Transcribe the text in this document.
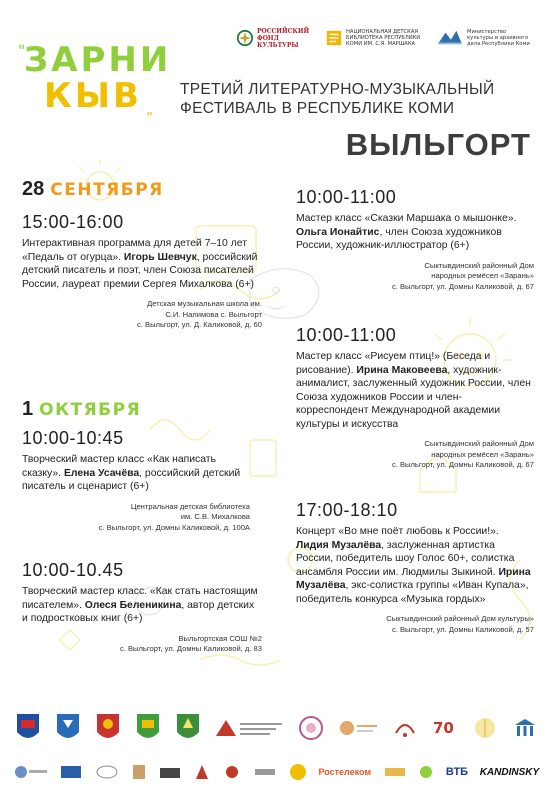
ЗАРНИ
КЫВ
"
„
РОССИЙСКИЙ ФОНД КУЛЬТУРЫ
НАЦИОНАЛЬНАЯ ДЕТСКАЯ БИБЛИОТЕКА РЕСПУБЛИКИ КОМИ ИМ. С.Я. МАРШАКА
Министерство культуры и архивного дела Республики Коми
ТРЕТИЙ ЛИТЕРАТУРНО-МУЗЫКАЛЬНЫЙ
ФЕСТИВАЛЬ В РЕСПУБЛИКЕ КОМИ
ВЫЛЬГОРТ
28 СЕНТЯБРЯ
15:00-16:00
Интерактивная программа для детей 7–10 лет «Педаль от огурца». Игорь Шевчук, российский детский писатель и поэт, член Союза писателей России, лауреат премии Сергея Михалкова (6+)
Детская музыкальная школа им.
С.И. Налимова с. Выльгорт
с. Выльгорт, ул. Д. Каликовой, д. 60
1 ОКТЯБРЯ
10:00-10:45
Творческий мастер класс «Как написать сказку». Елена Усачёва, российский детский писатель и сценарист (6+)
Центральная детская библиотека
им. С.В. Михалкова
с. Выльгорт, ул. Домны Каликовой, д. 100А
10:00-10.45
Творческий мастер класс. «Как стать настоящим писателем». Олеся Беленикина, автор детских и подростковых книг (6+)
Выльгортская СОШ №2
с. Выльгорт, ул. Домны Каликовой, д. 83
10:00-11:00
Мастер класс «Сказки Маршака о мышонке». Ольга Ионайтис, член Союза художников России, художник-иллюстратор (6+)
Сыктывдинский районный Дом
народных ремёсел «Зарань»
с. Выльгорт, ул. Домны Каликовой, д. 67
10:00-11:00
Мастер класс «Рисуем птиц!» (Беседа и рисование). Ирина Маковеева, художник-анималист, заслуженный художник России, член Союза художников России и член-корреспондент Международной академии культуры и искусства
Сыктывдинский районный Дом
народных ремёсел «Зарань»
с. Выльгорт, ул. Домны Каликовой, д. 67
17:00-18:10
Концерт «Во мне поёт любовь к России!». Лидия Музалёва, заслуженная артистка России, победитель шоу Голос 60+, солистка ансамбля России им. Людмилы Зыкиной. Ирина Музалёва, экс-солистка группы «Иван Купала», победитель конкурса «Музыка гордых»
Сыктывдинский районный Дом культуры»
с. Выльгорт, ул. Домны Каликовой, д. 57
70
Ростелеком	ВТБ KANDINSKY
